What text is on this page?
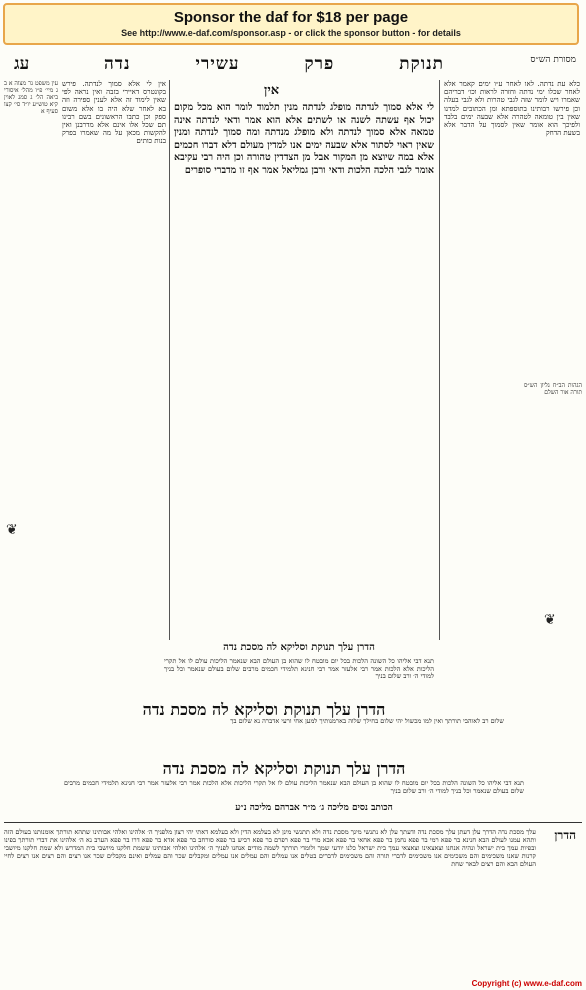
Sponsor the daf for $18 per page
See http://www.e-daf.com/sponsor.asp - or click the sponsor button - for details
עג	תנוקת
פרק
עשירי
נדה	מסורת הש״ס
עין משפט נר מצוה א ב ג מיי׳ פ״ו מהל׳ איסורי ביאה הל׳ ג סמג לאוין קיא טוש״ע יו״ד סי׳ קצו סעיף א
אין לי אלא סמוך לנדתה. פירש בקונטרס דאיירי בזבה ואין נראה לפי שאין לימוד זה אלא לענין ספירה וזה בא לאחר שלא היה בו אלא משום ספק וכן כתבו הראשונים בשם רבינו תם שכל אלו אינם אלא מדרבנן ואין להקשות מכאן על מה שאמרו בפרק בנות כותים
אין
לי אלא סמוך לנדתה מופלג לנדתה מנין תלמוד לומר הוא מכל מקום יכול אף עשתה לשנה או לשתים אלא הוא אמר ודאי לנדתה אינה טמאה אלא סמוך לנדתה ולא מופלג מנדתה ומה סמוך לנדתה ומנין שאין ראוי לסתור אלא שבעה ימים אנו למדין מעולם דלא דברו חכמים אלא במה שיוצא מן המקור אבל מן הצדדין טהורה וכן היה רבי עקיבא אומר לגבי הלכה הלכות ודאי ורבן גמליאל אמר אף זו מדברי סופרים
כלא עת נדתה. לאו לאחר ע״ו ימים קאמר אלא לאחר שכלו ימי נדתה וחזרה לראות וכו׳ דבריהם שאמרו ויש לומר שזה לגבי טהרות ולא לגבי בעלה וכן פירשו רבותינו בתוספתא ומן הכתובים למדנו שאין בין טומאה לטהרה אלא שבעה ימים בלבד ולפיכך הוא אומר שאין לסמוך על הדבר אלא בשעת הדחק
הגהות הב״ח גליון הש״ס תורה אור השלם
❦
❦
הדרן עלך תנוקת וסליקא לה מסכת נדה
תנא דבי אליהו כל השונה הלכות בכל יום מובטח לו שהוא בן העולם הבא שנאמר הליכות עולם לו אל תקרי הליכות אלא הלכות אמר רבי אלעזר אמר רבי חנינא תלמידי חכמים מרבים שלום בעולם שנאמר וכל בניך למודי ה׳ ורב שלום בניך
הדרן עלך תנוקת וסליקא לה מסכת נדה
שלום רב לאוהבי תורתך ואין למו מכשול יהי שלום בחילך שלוה בארמנותיך למען אחי ורעי אדברה נא שלום בך
הדרן עלך תנוקת וסליקא לה מסכת נדה
תנא דבי אליהו כל השונה הלכות בכל יום מובטח לו שהוא בן העולם הבא שנאמר הליכות עולם לו אל תקרי הליכות אלא הלכות אמר רבי אלעזר אמר רבי חנינא תלמידי חכמים מרבים שלום בעולם שנאמר וכל בניך למודי ה׳ ורב שלום בניך
הכותב נסים מליכה ג׳ מ״ר אברהם מליכה נ״ע
הדרן
עלך מסכת נדה הדרך עלן דעתן עלך מסכת נדה ודעתך עלן לא נתנשי מינך מסכת נדה ולא תתנשי מינן לא בעלמא הדין ולא בעלמא דאתי יהי רצון מלפניך ה׳ אלהינו ואלהי אבותינו שתהא תורתך אומנותנו בעולם הזה ותהא עמנו לעולם הבא חנינא בר פפא רמי בר פפא נחמן בר פפא אחאי בר פפא אבא מרי בר פפא רפרם בר פפא רכיש בר פפא סורחב בר פפא אדא בר פפא דרו בר פפא הערב נא ה׳ אלהינו את דברי תורתך בפינו ובפיות עמך בית ישראל ונהיה אנחנו וצאצאינו וצאצאי עמך בית ישראל כלנו יודעי שמך ולומדי תורתך לשמה מודים אנחנו לפניך ה׳ אלהינו ואלהי אבותינו ששמת חלקנו מיושבי בית המדרש ולא שמת חלקנו מיושבי קרנות שאנו משכימים והם משכימים אנו משכימים לדברי תורה והם משכימים לדברים בטלים אנו עמלים והם עמלים אנו עמלים ומקבלים שכר והם עמלים ואינם מקבלים שכר אנו רצים והם רצים אנו רצים לחיי העולם הבא והם רצים לבאר שחת
Copyright (c) www.e-daf.com
